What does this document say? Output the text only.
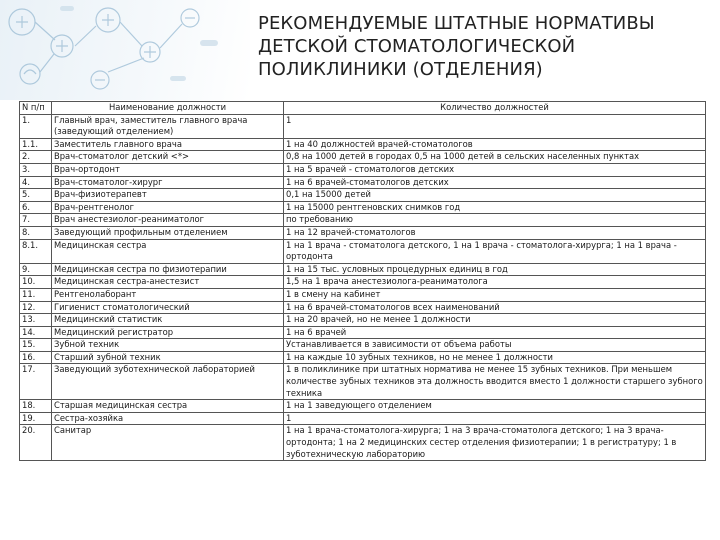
РЕКОМЕНДУЕМЫЕ ШТАТНЫЕ НОРМАТИВЫ
ДЕТСКОЙ СТОМАТОЛОГИЧЕСКОЙ
ПОЛИКЛИНИКИ (ОТДЕЛЕНИЯ)
N п/п	Наименование должности	Количество должностей
1.	Главный врач, заместитель главного врача (заведующий отделением)	1
1.1.	Заместитель главного врача	1 на 40 должностей врачей-стоматологов
2.	Врач-стоматолог детский <*>	0,8 на 1000 детей в городах 0,5 на 1000 детей в сельских населенных пунктах
3.	Врач-ортодонт	1 на 5 врачей - стоматологов детских
4.	Врач-стоматолог-хирург	1 на 6 врачей-стоматологов детских
5.	Врач-физиотерапевт	0,1 на 15000 детей
6.	Врач-рентгенолог	1 на 15000 рентгеновских снимков год
7.	Врач анестезиолог-реаниматолог	по требованию
8.	Заведующий профильным отделением	1 на 12 врачей-стоматологов
8.1.	Медицинская сестра	1 на 1 врача - стоматолога детского, 1 на 1 врача - стоматолога-хирурга; 1 на 1 врача - ортодонта
9.	Медицинская сестра по физиотерапии	1 на 15 тыс. условных процедурных единиц в год
10.	Медицинская сестра-анестезист	1,5 на 1 врача анестезиолога-реаниматолога
11.	Рентгенолаборант	1 в смену на кабинет
12.	Гигиенист стоматологический	1 на 6 врачей-стоматологов всех наименований
13.	Медицинский статистик	1 на 20 врачей, но не менее 1 должности
14.	Медицинский регистратор	1 на 6 врачей
15.	Зубной техник	Устанавливается в зависимости от объема работы
16.	Старший зубной техник	1 на каждые 10 зубных техников, но не менее 1 должности
17.	Заведующий зуботехнической лабораторией	1 в поликлинике при штатных норматива не менее 15 зубных техников. При меньшем количестве зубных техников эта должность вводится вместо 1 должности старшего зубного техника
18.	Старшая медицинская сестра	1 на 1 заведующего отделением
19.	Сестра-хозяйка	1
20.	Санитар	1 на 1 врача-стоматолога-хирурга; 1 на 3 врача-стоматолога детского; 1 на 3 врача-ортодонта; 1 на 2 медицинских сестер отделения физиотерапии; 1 в регистратуру; 1 в зуботехническую лабораторию
